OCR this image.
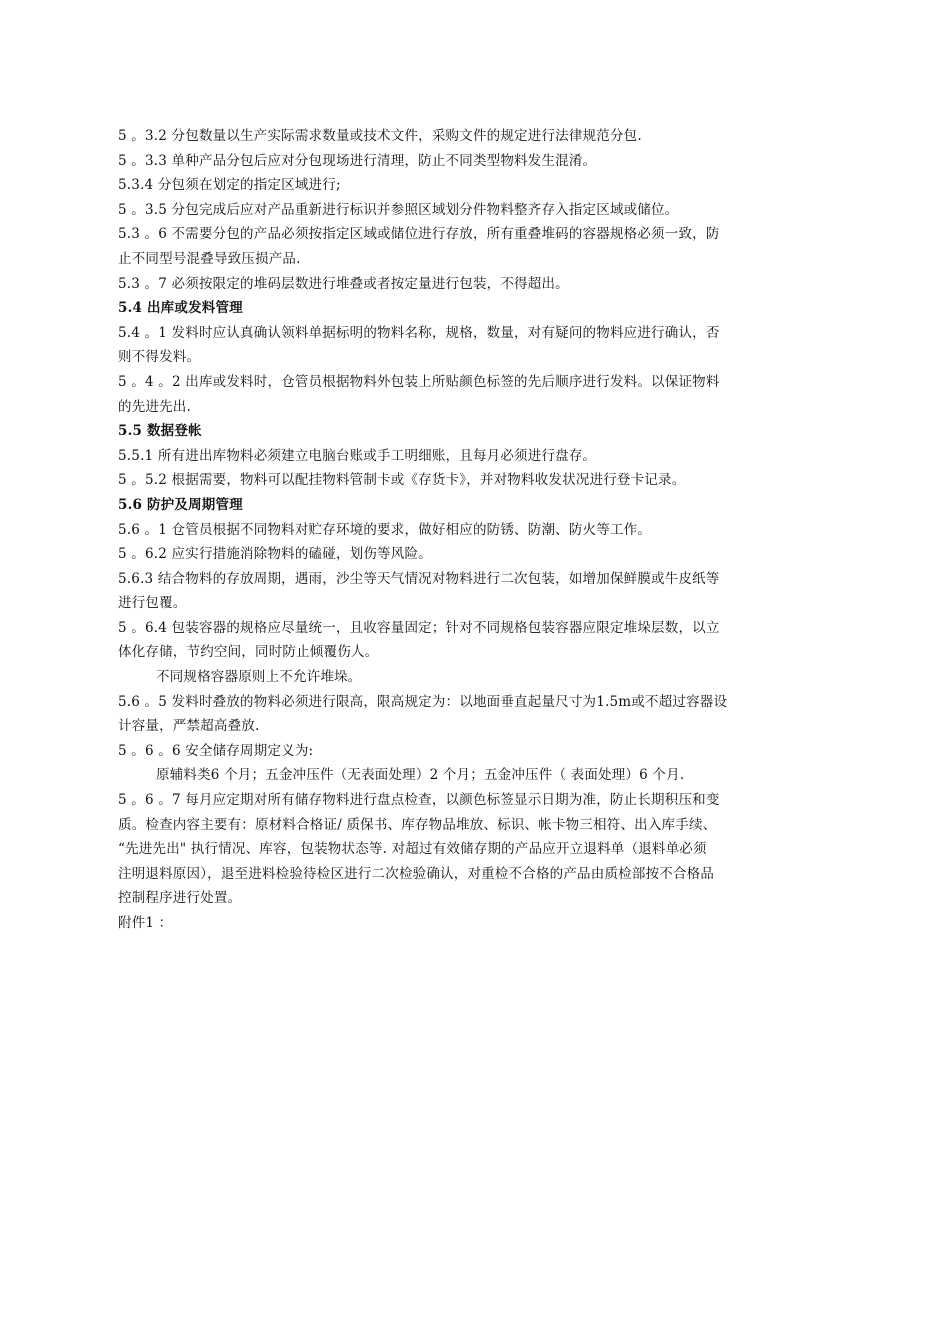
5 。3.2 分包数量以生产实际需求数量或技术文件，采购文件的规定进行法律规范分包.
5 。3.3 单种产品分包后应对分包现场进行清理，防止不同类型物料发生混淆。
5.3.4 分包须在划定的指定区域进行;
5 。3.5 分包完成后应对产品重新进行标识并参照区域划分件物料整齐存入指定区域或储位。
5.3 。6 不需要分包的产品必须按指定区域或储位进行存放，所有重叠堆码的容器规格必须一致，防
止不同型号混叠导致压损产品.
5.3 。7 必须按限定的堆码层数进行堆叠或者按定量进行包装，不得超出。
5.4 出库或发料管理
5.4 。1 发料时应认真确认领料单据标明的物料名称，规格，数量，对有疑问的物料应进行确认，否
则不得发料。
5 。4 。2 出库或发料时，仓管员根据物料外包装上所贴颜色标签的先后顺序进行发料。以保证物料
的先进先出.
5.5 数据登帐
5.5.1 所有进出库物料必须建立电脑台账或手工明细账，且每月必须进行盘存。
5 。5.2 根据需要，物料可以配挂物料管制卡或《存货卡》，并对物料收发状况进行登卡记录。
5.6 防护及周期管理
5.6 。1 仓管员根据不同物料对贮存环境的要求，做好相应的防锈、防潮、防火等工作。
5 。6.2 应实行措施消除物料的磕碰，划伤等风险。
5.6.3 结合物料的存放周期，遇雨，沙尘等天气情况对物料进行二次包装，如增加保鲜膜或牛皮纸等
进行包覆。
5 。6.4 包装容器的规格应尽量统一，且收容量固定；针对不同规格包装容器应限定堆垛层数，以立
体化存储，节约空间，同时防止倾覆伤人。
不同规格容器原则上不允许堆垛。
5.6 。5 发料时叠放的物料必须进行限高，限高规定为：以地面垂直起量尺寸为1.5m或不超过容器设
计容量，严禁超高叠放.
5 。6 。6 安全储存周期定义为:
原辅料类6 个月；五金冲压件（无表面处理）2 个月；五金冲压件（ 表面处理）6 个月.
5 。6 。7 每月应定期对所有储存物料进行盘点检查，以颜色标签显示日期为准，防止长期积压和变
质。检查内容主要有：原材料合格证/ 质保书、库存物品堆放、标识、帐卡物三相符、出入库手续、
“先进先出" 执行情况、库容，包装物状态等. 对超过有效储存期的产品应开立退料单（退料单必须
注明退料原因），退至进料检验待检区进行二次检验确认，对重检不合格的产品由质检部按不合格品
控制程序进行处置。
附件1 ：
